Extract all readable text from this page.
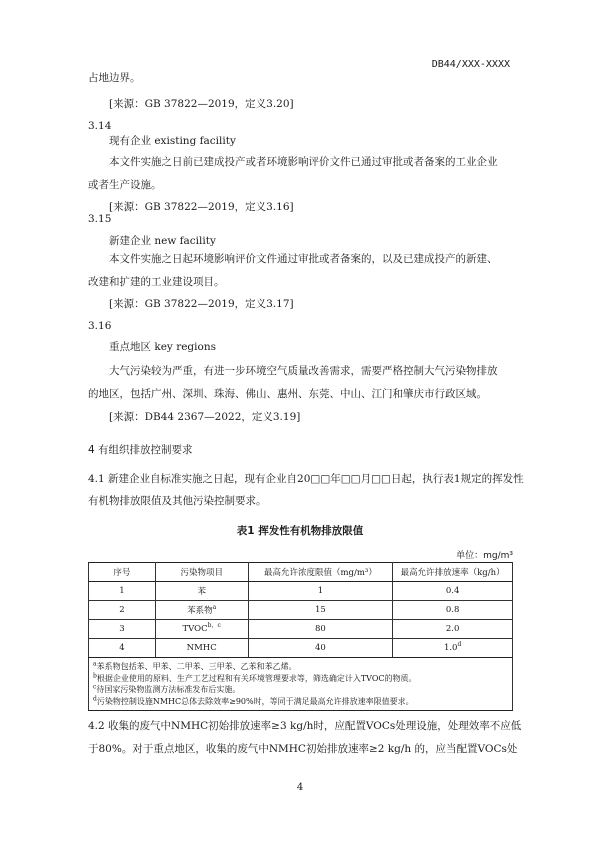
DB44/XXX-XXXX
占地边界。
[来源：GB 37822—2019，定义3.20]
3.14
现有企业 existing facility
本文件实施之日前已建成投产或者环境影响评价文件已通过审批或者备案的工业企业
或者生产设施。
[来源：GB 37822—2019，定义3.16]
3.15
新建企业 new facility
本文件实施之日起环境影响评价文件通过审批或者备案的，以及已建成投产的新建、
改建和扩建的工业建设项目。
[来源：GB 37822—2019，定义3.17]
3.16
重点地区 key regions
大气污染较为严重，有进一步环境空气质量改善需求，需要严格控制大气污染物排放
的地区，包括广州、深圳、珠海、佛山、惠州、东莞、中山、江门和肇庆市行政区域。
[来源：DB44 2367—2022，定义3.19]
4 有组织排放控制要求
4.1 新建企业自标准实施之日起，现有企业自20□□年□□月□□日起，执行表1规定的挥发性
有机物排放限值及其他污染控制要求。
表1 挥发性有机物排放限值
单位：mg/m³
序号	污染物项目	最高允许浓度限值（mg/m³）	最高允许排放速率（kg/h）
1	苯	1	0.4
2	苯系物$^a$	15	0.8
3	$TVOC^{b,c}$	80	2.0
4	NMHC	40	1.0$^d$

$^a$苯系物包括苯、甲苯、二甲苯、三甲苯、乙苯和苯乙烯。
$^b$根据企业使用的原料、生产工艺过程和有关环境管理要求等，筛选确定计入TVOC的物质。
$^c$待国家污染物监测方法标准发布后实施。
$^d$污染物控制设施NMHC总体去除效率≥90%时，等同于满足最高允许排放速率限值要求。			
4.2 收集的废气中NMHC初始排放速率≥3 kg/h时，应配置VOCs处理设施，处理效率不应低
于80%。对于重点地区，收集的废气中NMHC初始排放速率≥2 kg/h 的，应当配置VOCs处
4
